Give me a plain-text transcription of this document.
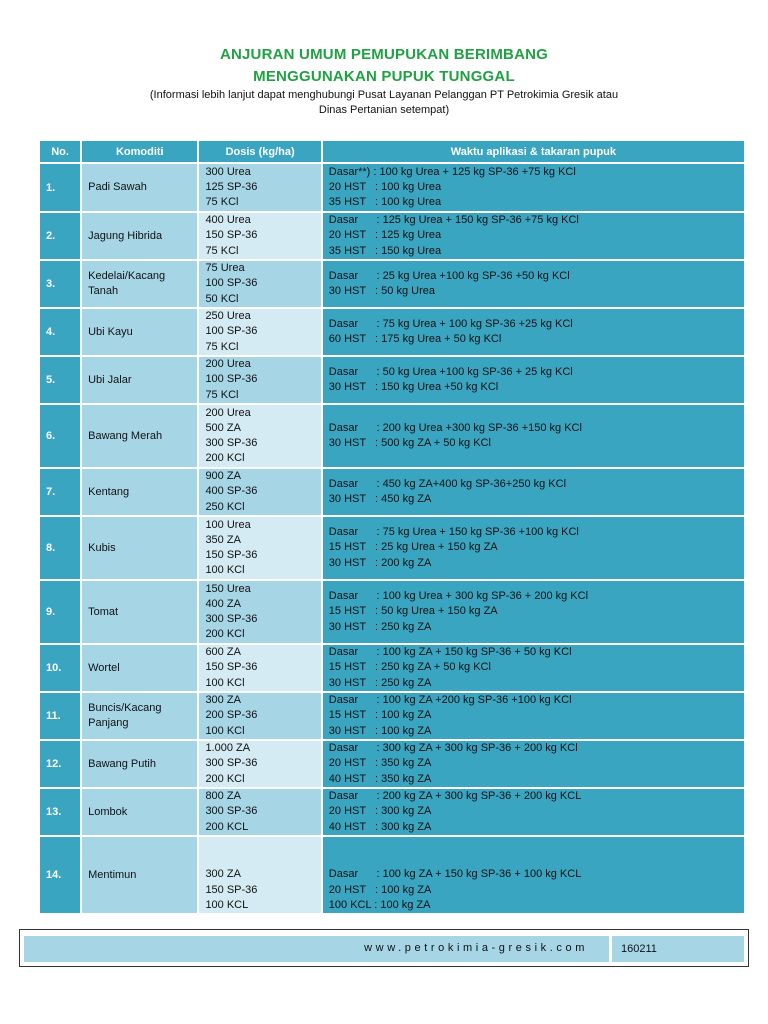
ANJURAN UMUM PEMUPUKAN BERIMBANG
MENGGUNAKAN PUPUK TUNGGAL
(Informasi lebih lanjut dapat menghubungi Pusat Layanan Pelanggan PT Petrokimia Gresik atau
Dinas Pertanian setempat)
No.	Komoditi	Dosis (kg/ha)	Waktu aplikasi & takaran pupuk
1.	Padi Sawah	300 Urea
125 SP-36
75 KCl	Dasar**) : 100 kg Urea + 125 kg SP-36 +75 kg KCl
20 HST   : 100 kg Urea
35 HST   : 100 kg Urea

2.	Jagung Hibrida	400 Urea
150 SP-36
75 KCl	Dasar      : 125 kg Urea + 150 kg SP-36 +75 kg KCl
20 HST   : 125 kg Urea
35 HST   : 150 kg Urea

3.	Kedelai/Kacang
Tanah	75 Urea
100 SP-36
50 KCl	Dasar      : 25 kg Urea +100 kg SP-36 +50 kg KCl
30 HST   : 50 kg Urea

4.	Ubi Kayu	250 Urea
100 SP-36
75 KCl	Dasar      : 75 kg Urea + 100 kg SP-36 +25 kg KCl
60 HST   : 175 kg Urea + 50 kg KCl

5.	Ubi Jalar	200 Urea
100 SP-36
75 KCl	Dasar      : 50 kg Urea +100 kg SP-36 + 25 kg KCl
30 HST   : 150 kg Urea +50 kg KCl

6.	Bawang Merah	200 Urea
500 ZA
300 SP-36
200 KCl	Dasar      : 200 kg Urea +300 kg SP-36 +150 kg KCl
30 HST   : 500 kg ZA + 50 kg KCl

7.	Kentang	900 ZA
400 SP-36
250 KCl	Dasar      : 450 kg ZA+400 kg SP-36+250 kg KCl
30 HST   : 450 kg ZA

8.	Kubis	100 Urea
350 ZA
150 SP-36
100 KCl	Dasar      : 75 kg Urea + 150 kg SP-36 +100 kg KCl
15 HST   : 25 kg Urea + 150 kg ZA
30 HST   : 200 kg ZA

9.	Tomat	150 Urea
400 ZA
300 SP-36
200 KCl	Dasar      : 100 kg Urea + 300 kg SP-36 + 200 kg KCl
15 HST   : 50 kg Urea + 150 kg ZA
30 HST   : 250 kg ZA

10.	Wortel	600 ZA
150 SP-36
100 KCl	Dasar      : 100 kg ZA + 150 kg SP-36 + 50 kg KCl
15 HST   : 250 kg ZA + 50 kg KCl
30 HST   : 250 kg ZA

11.	Buncis/Kacang
Panjang	300 ZA
200 SP-36
100 KCl	Dasar      : 100 kg ZA +200 kg SP-36 +100 kg KCl
15 HST   : 100 kg ZA
30 HST   : 100 kg ZA

12.	Bawang Putih	1.000 ZA
300 SP-36
200 KCl	Dasar      : 300 kg ZA + 300 kg SP-36 + 200 kg KCl
20 HST   : 350 kg ZA
40 HST   : 350 kg ZA

13.	Lombok	800 ZA
300 SP-36
200 KCL	Dasar      : 200 kg ZA + 300 kg SP-36 + 200 kg KCL
20 HST   : 300 kg ZA
40 HST   : 300 kg ZA

14.	Mentimun	300 ZA
150 SP-36
100 KCL	Dasar      : 100 kg ZA + 150 kg SP-36 + 100 kg KCL
20 HST   : 100 kg ZA
100 KCL : 100 kg ZA
www.petrokimia-gresik.com	160211
